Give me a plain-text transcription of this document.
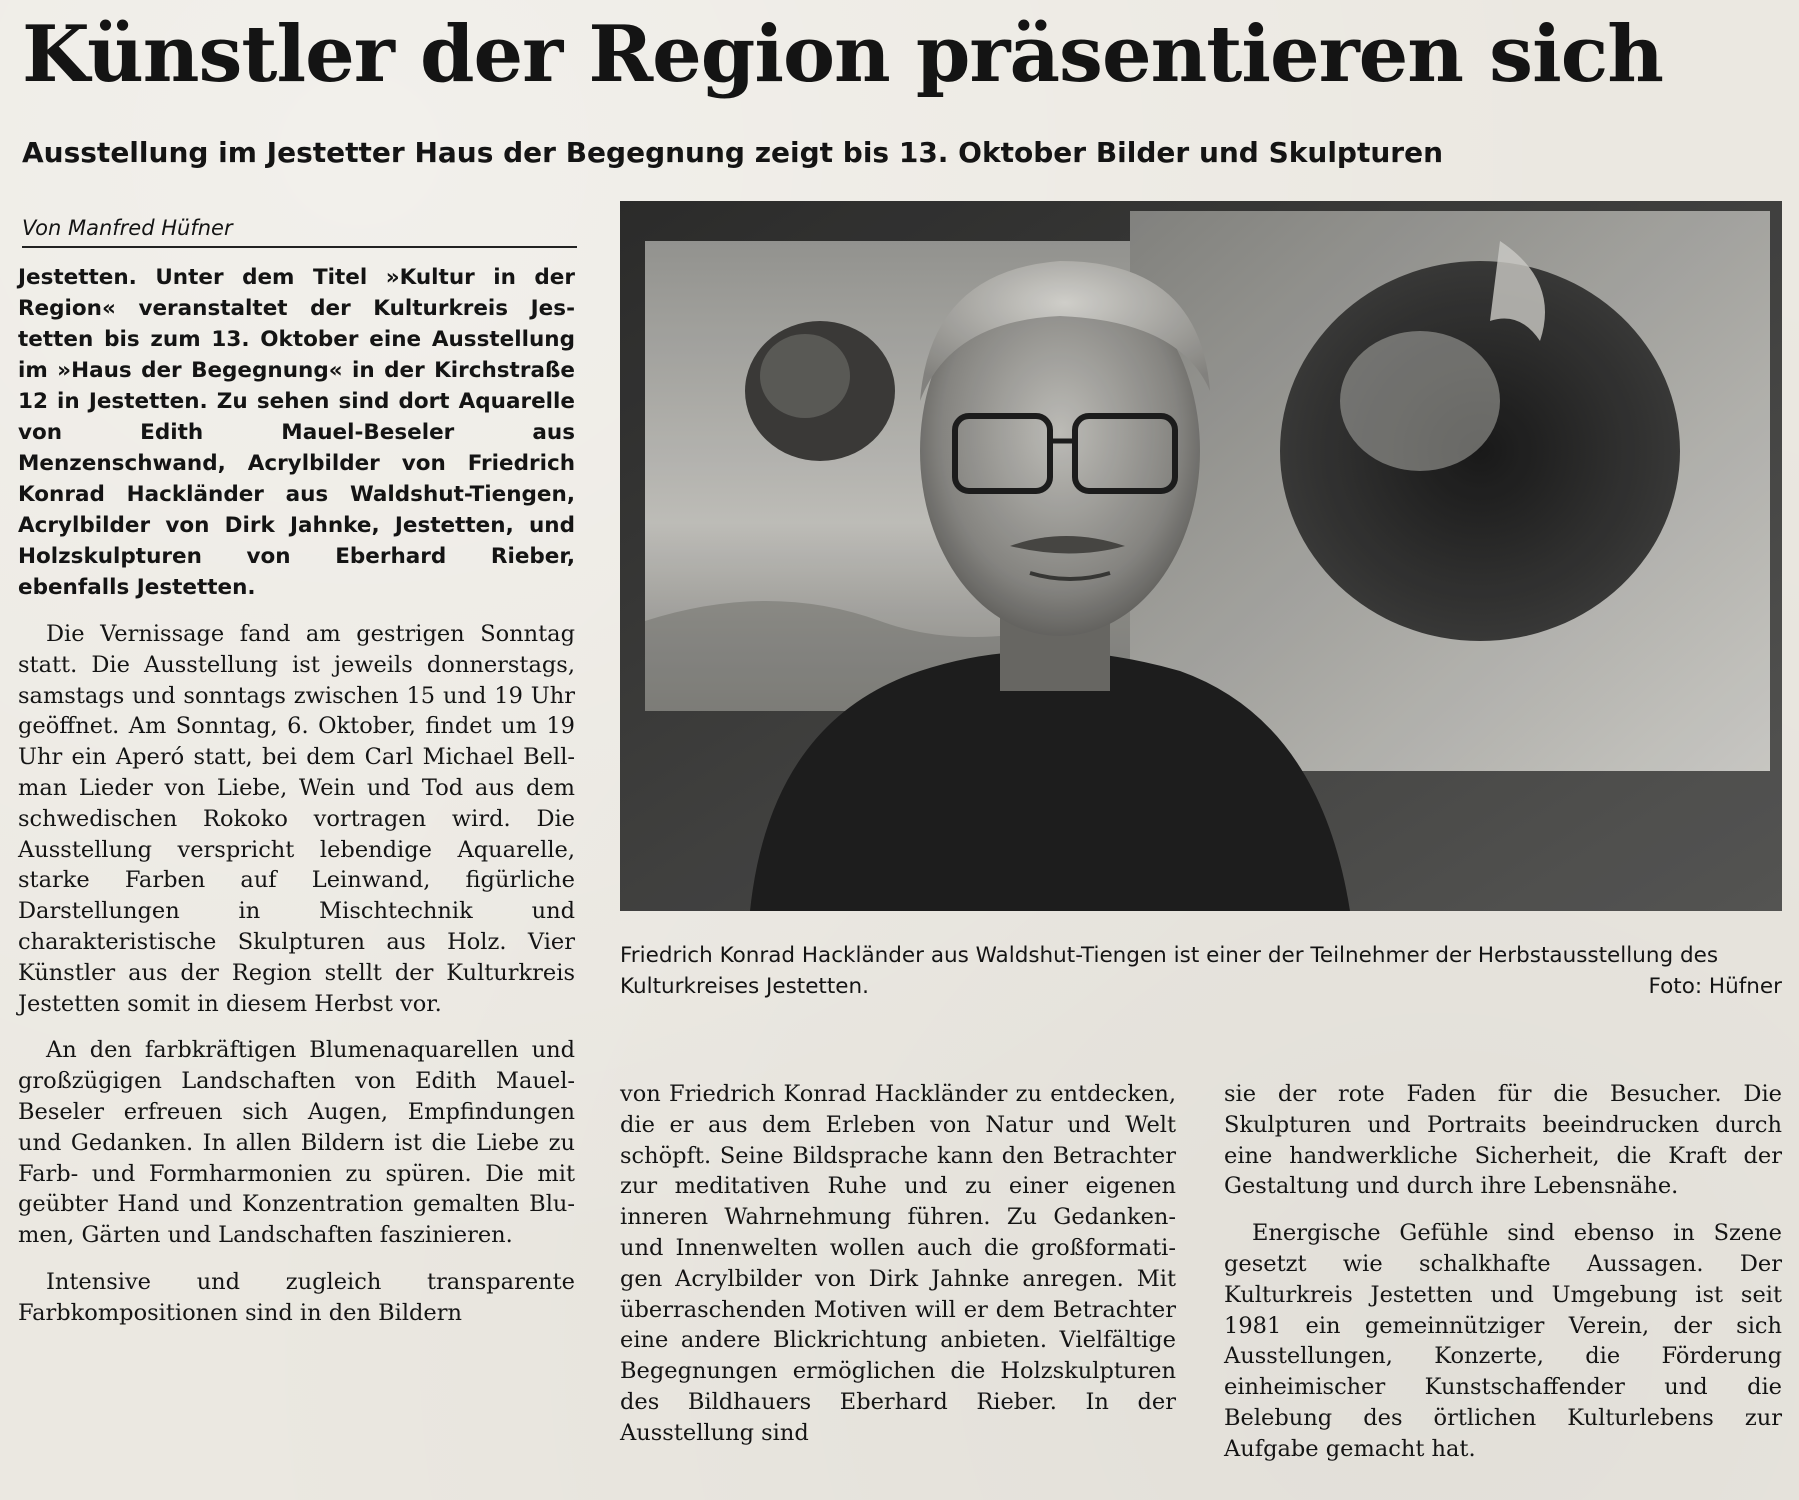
Künstler der Region präsentieren sich
Ausstellung im Jestetter Haus der Begegnung zeigt bis 13. Oktober Bilder und Skulpturen
Von Manfred Hüfner

Jestetten. Unter dem Titel »Kultur in der Region« veranstaltet der Kulturkreis Jestetten bis zum 13. Oktober eine Ausstellung im »Haus der Begegnung« in der Kirchstraße 12 in Jestetten. Zu sehen sind dort Aquarelle von Edith Mauel-Beseler aus Menzenschwand, Acrylbilder von Friedrich Konrad Hackländer aus Waldshut-Tiengen, Acrylbilder von Dirk Jahnke, Jestetten, und Holzskulpturen von Eberhard Rieber, ebenfalls Jestetten.

Die Vernissage fand am gestrigen Sonntag statt. Die Ausstellung ist jeweils donnerstags, samstags und sonntags zwischen 15 und 19 Uhr geöffnet. Am Sonntag, 6. Oktober, findet um 19 Uhr ein Aperó statt, bei dem Carl Michael Bellman Lieder von Liebe, Wein und Tod aus dem schwedischen Rokoko vortragen wird. Die Ausstellung verspricht lebendige Aquarelle, starke Farben auf Leinwand, figürliche Darstellungen in Mischtechnik und charakteristische Skulpturen aus Holz. Vier Künstler aus der Region stellt der Kulturkreis Jestetten somit in diesem Herbst vor.

An den farbkräftigen Blumenaquarellen und großzügigen Landschaften von Edith Mauel-Beseler erfreuen sich Augen, Empfindungen und Gedanken. In allen Bildern ist die Liebe zu Farb- und Formharmonien zu spüren. Die mit geübter Hand und Konzentration gemalten Blumen, Gärten und Landschaften faszinieren.

Intensive und zugleich transparente Farbkompositionen sind in den Bildern

Friedrich Konrad Hackländer aus Waldshut-Tiengen ist einer der Teilnehmer der Herbstausstellung des Kulturkreises Jestetten.	Foto: Hüfner

von Friedrich Konrad Hackländer zu entdecken, die er aus dem Erleben von Natur und Welt schöpft. Seine Bildsprache kann den Betrachter zur meditativen Ruhe und zu einer eigenen inneren Wahrnehmung führen. Zu Gedanken- und Innenwelten wollen auch die großformatigen Acrylbilder von Dirk Jahnke anregen. Mit überraschenden Motiven will er dem Betrachter eine andere Blickrichtung anbieten. Vielfältige Begegnungen ermöglichen die Holzskulpturen des Bildhauers Eberhard Rieber. In der Ausstellung sind

sie der rote Faden für die Besucher. Die Skulpturen und Portraits beeindrucken durch eine handwerkliche Sicherheit, die Kraft der Gestaltung und durch ihre Lebensnähe.

Energische Gefühle sind ebenso in Szene gesetzt wie schalkhafte Aussagen. Der Kulturkreis Jestetten und Umgebung ist seit 1981 ein gemeinnütziger Verein, der sich Ausstellungen, Konzerte, die Förderung einheimischer Kunstschaffender und die Belebung des örtlichen Kulturlebens zur Aufgabe gemacht hat.
